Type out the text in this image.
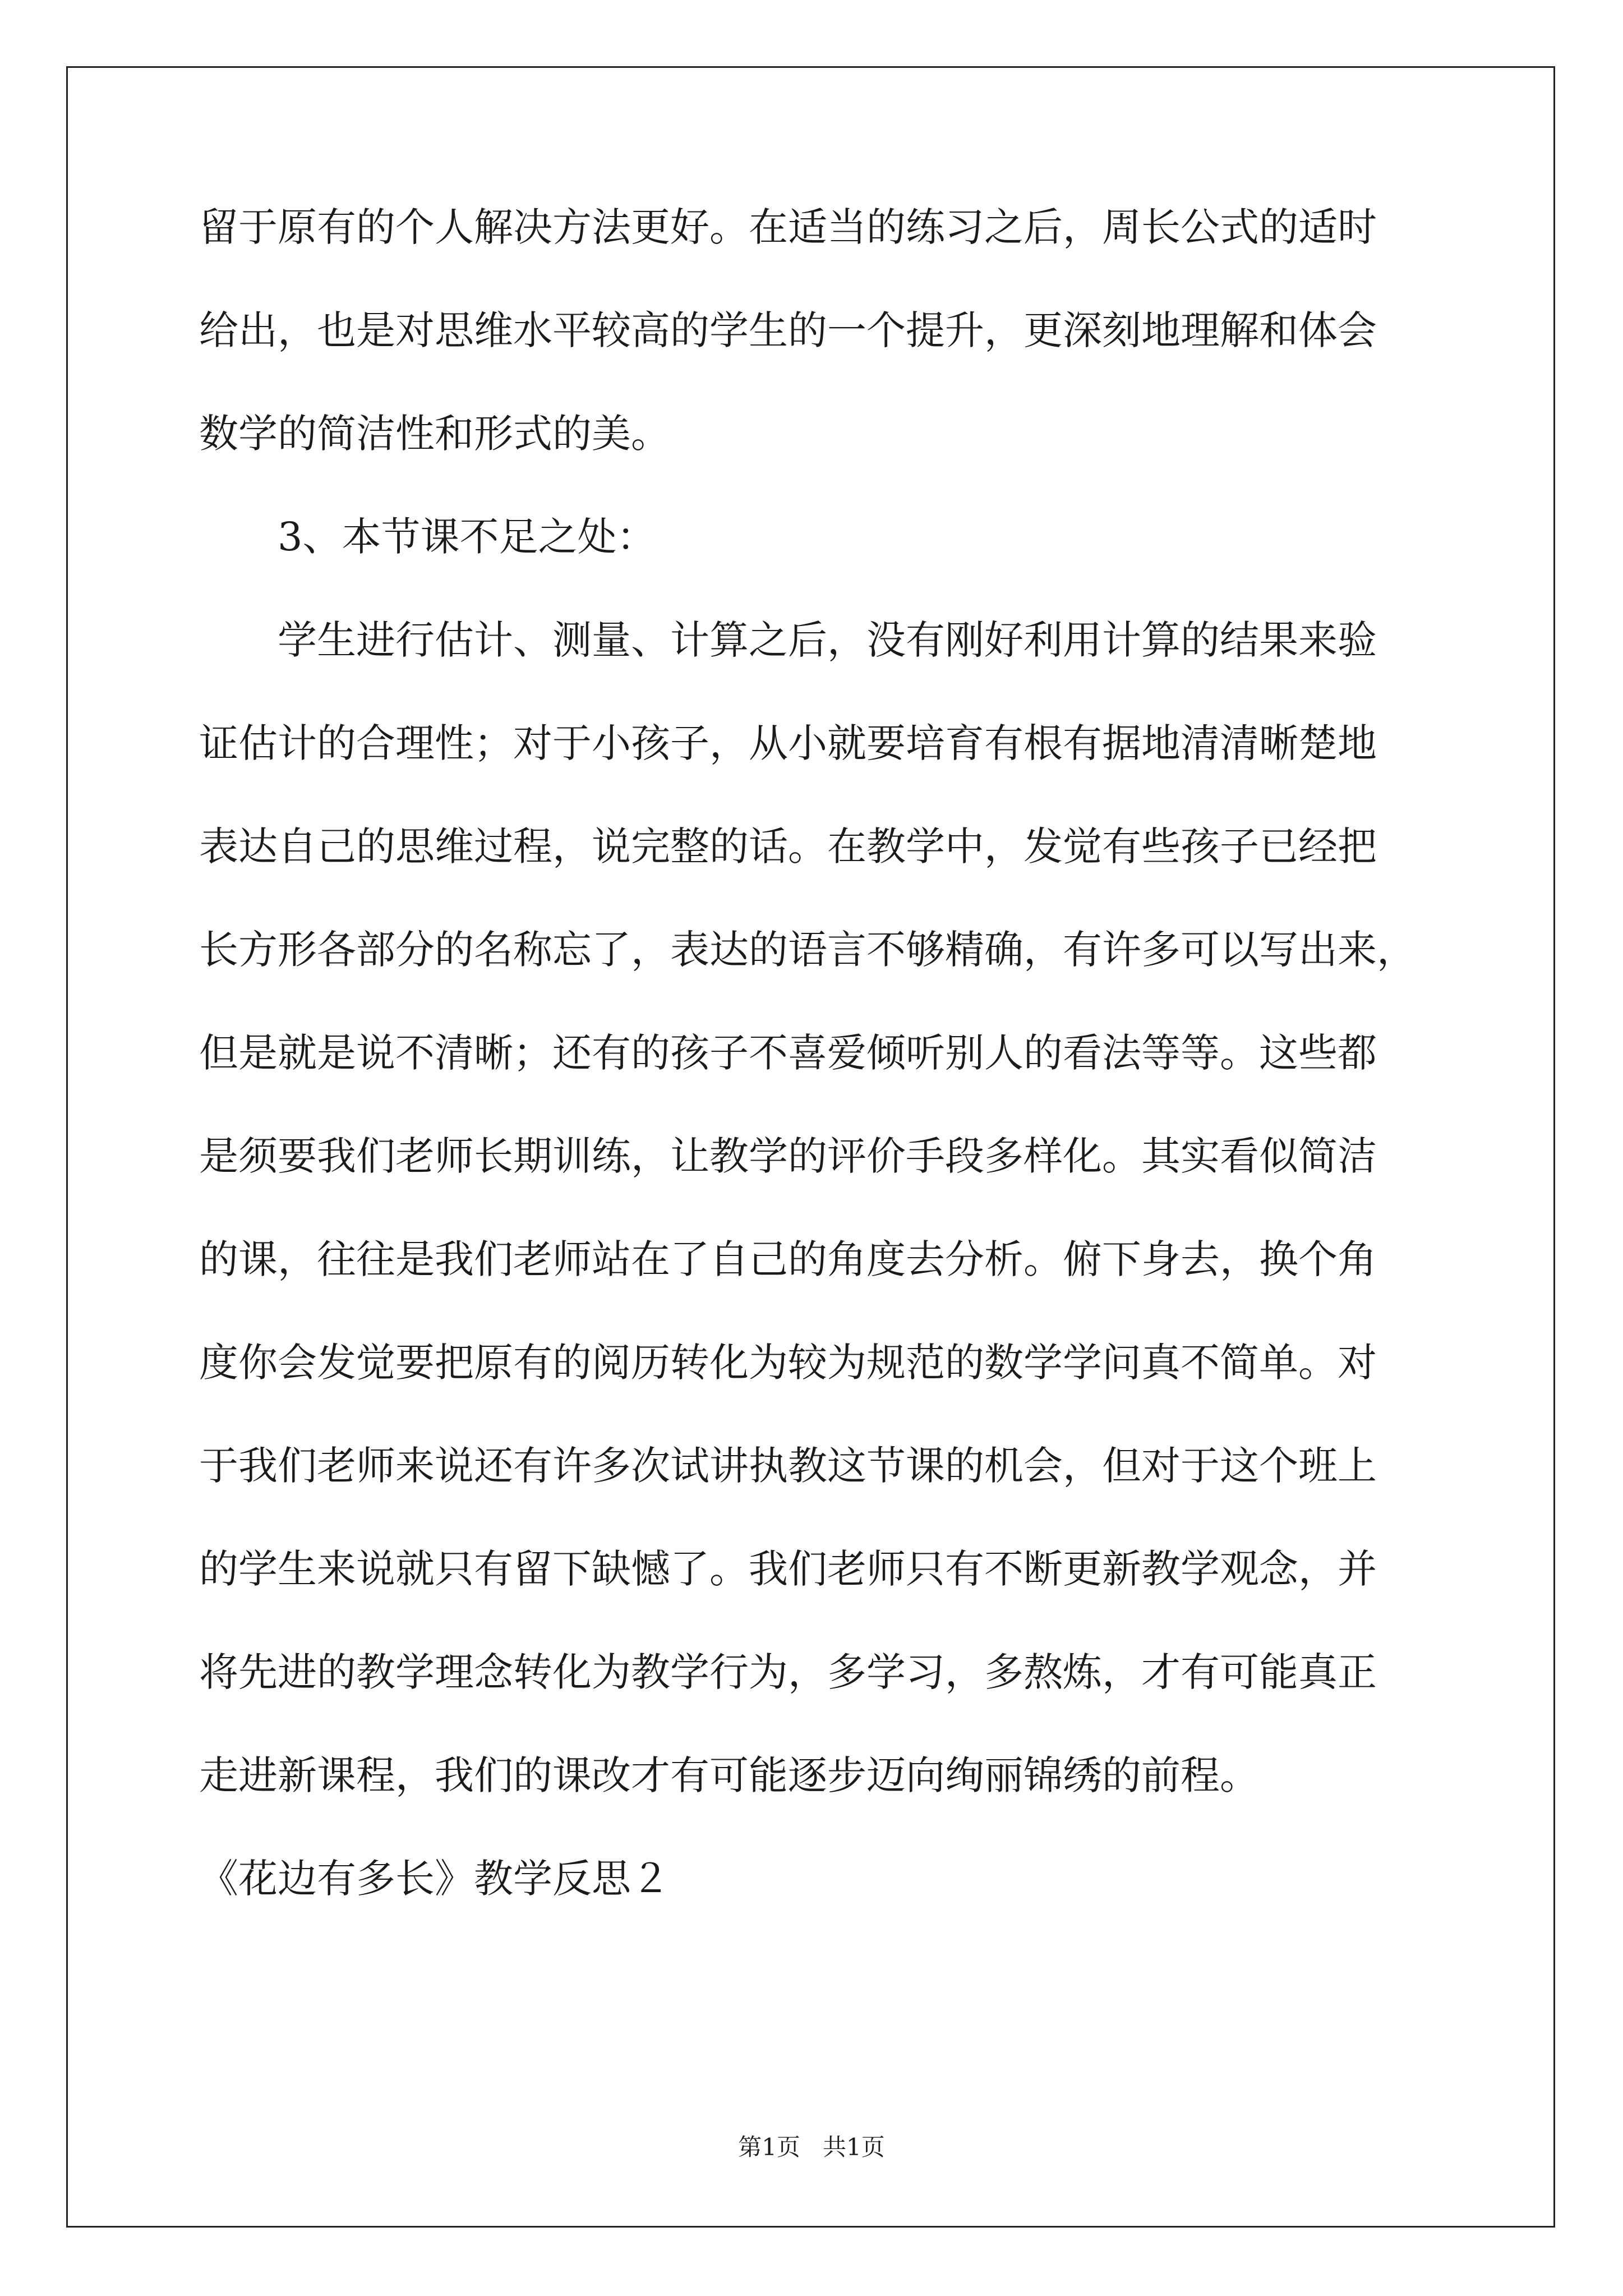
留于原有的个人解决方法更好。在适当的练习之后，周长公式的适时
给出，也是对思维水平较高的学生的一个提升，更深刻地理解和体会
数学的简洁性和形式的美。
3、本节课不足之处：
学生进行估计、测量、计算之后，没有刚好利用计算的结果来验
证估计的合理性；对于小孩子，从小就要培育有根有据地清清晰楚地
表达自己的思维过程，说完整的话。在教学中，发觉有些孩子已经把
长方形各部分的名称忘了，表达的语言不够精确，有许多可以写出来，
但是就是说不清晰；还有的孩子不喜爱倾听别人的看法等等。这些都
是须要我们老师长期训练，让教学的评价手段多样化。其实看似简洁
的课，往往是我们老师站在了自己的角度去分析。俯下身去，换个角
度你会发觉要把原有的阅历转化为较为规范的数学学问真不简单。对
于我们老师来说还有许多次试讲执教这节课的机会，但对于这个班上
的学生来说就只有留下缺憾了。我们老师只有不断更新教学观念，并
将先进的教学理念转化为教学行为，多学习，多熬炼，才有可能真正
走进新课程，我们的课改才有可能逐步迈向绚丽锦绣的前程。
《花边有多长》教学反思２
第1页   共1页
